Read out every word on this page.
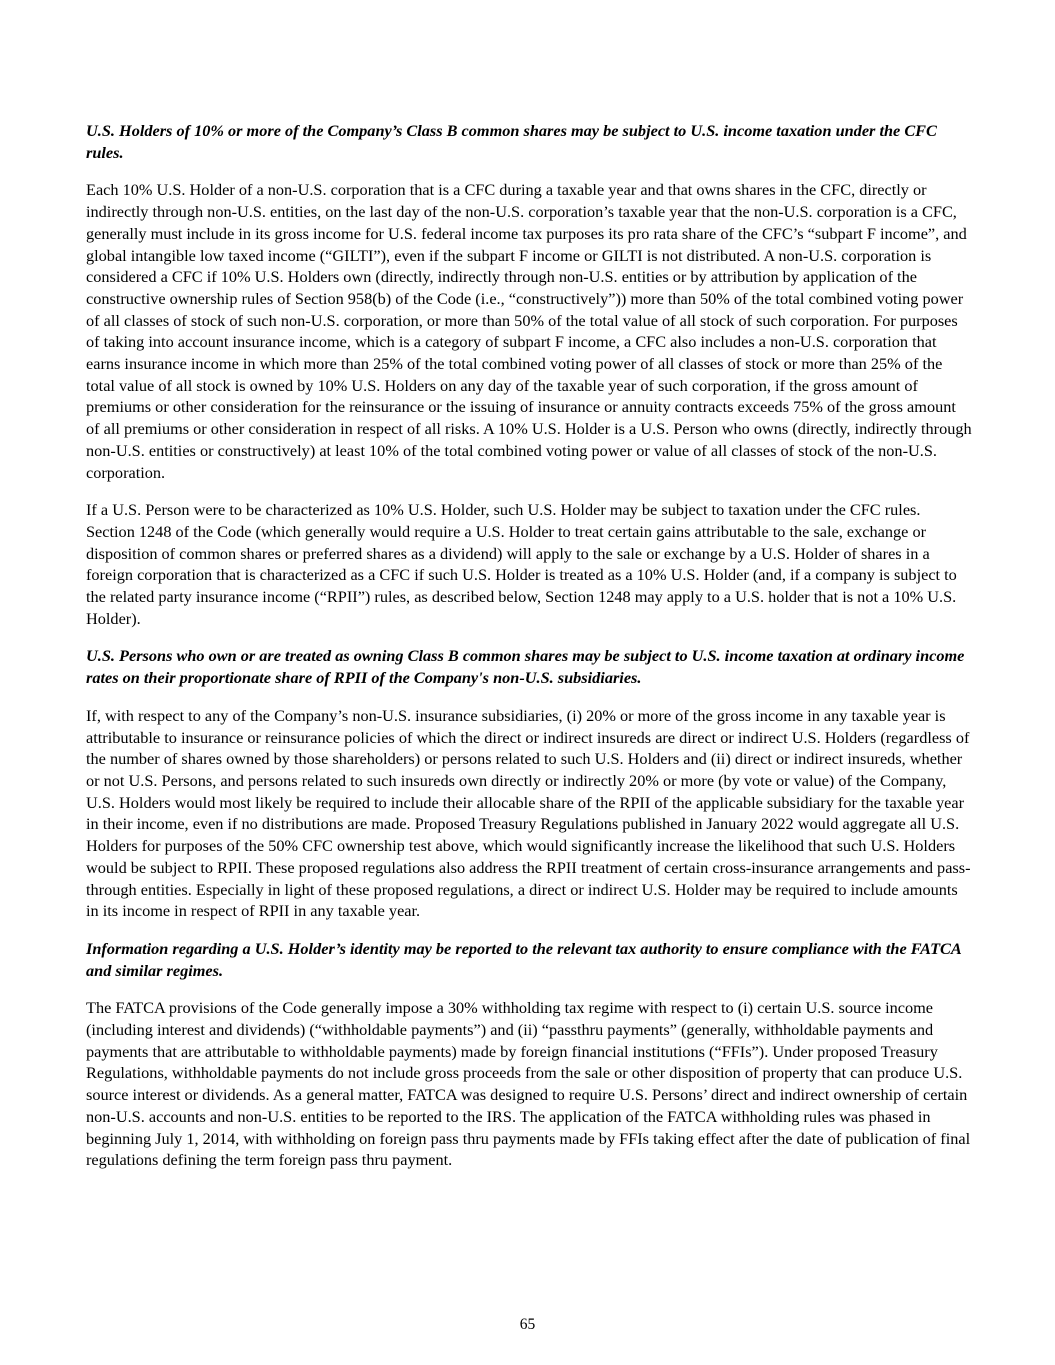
U.S. Holders of 10% or more of the Company’s Class B common shares may be subject to U.S. income taxation under the CFC rules.
Each 10% U.S. Holder of a non-U.S. corporation that is a CFC during a taxable year and that owns shares in the CFC, directly or indirectly through non-U.S. entities, on the last day of the non-U.S. corporation’s taxable year that the non-U.S. corporation is a CFC, generally must include in its gross income for U.S. federal income tax purposes its pro rata share of the CFC’s “subpart F income”, and global intangible low taxed income (“GILTI”), even if the subpart F income or GILTI is not distributed. A non-U.S. corporation is considered a CFC if 10% U.S. Holders own (directly, indirectly through non-U.S. entities or by attribution by application of the constructive ownership rules of Section 958(b) of the Code (i.e., “constructively”)) more than 50% of the total combined voting power of all classes of stock of such non-U.S. corporation, or more than 50% of the total value of all stock of such corporation. For purposes of taking into account insurance income, which is a category of subpart F income, a CFC also includes a non-U.S. corporation that earns insurance income in which more than 25% of the total combined voting power of all classes of stock or more than 25% of the total value of all stock is owned by 10% U.S. Holders on any day of the taxable year of such corporation, if the gross amount of premiums or other consideration for the reinsurance or the issuing of insurance or annuity contracts exceeds 75% of the gross amount of all premiums or other consideration in respect of all risks. A 10% U.S. Holder is a U.S. Person who owns (directly, indirectly through non-U.S. entities or constructively) at least 10% of the total combined voting power or value of all classes of stock of the non-U.S. corporation.
If a U.S. Person were to be characterized as 10% U.S. Holder, such U.S. Holder may be subject to taxation under the CFC rules. Section 1248 of the Code (which generally would require a U.S. Holder to treat certain gains attributable to the sale, exchange or disposition of common shares or preferred shares as a dividend) will apply to the sale or exchange by a U.S. Holder of shares in a foreign corporation that is characterized as a CFC if such U.S. Holder is treated as a 10% U.S. Holder (and, if a company is subject to the related party insurance income (“RPII”) rules, as described below, Section 1248 may apply to a U.S. holder that is not a 10% U.S. Holder).
U.S. Persons who own or are treated as owning Class B common shares may be subject to U.S. income taxation at ordinary income rates on their proportionate share of RPII of the Company's non-U.S. subsidiaries.
If, with respect to any of the Company’s non-U.S. insurance subsidiaries, (i) 20% or more of the gross income in any taxable year is attributable to insurance or reinsurance policies of which the direct or indirect insureds are direct or indirect U.S. Holders (regardless of the number of shares owned by those shareholders) or persons related to such U.S. Holders and (ii) direct or indirect insureds, whether or not U.S. Persons, and persons related to such insureds own directly or indirectly 20% or more (by vote or value) of the Company, U.S. Holders would most likely be required to include their allocable share of the RPII of the applicable subsidiary for the taxable year in their income, even if no distributions are made. Proposed Treasury Regulations published in January 2022 would aggregate all U.S. Holders for purposes of the 50% CFC ownership test above, which would significantly increase the likelihood that such U.S. Holders would be subject to RPII. These proposed regulations also address the RPII treatment of certain cross-insurance arrangements and pass-through entities. Especially in light of these proposed regulations, a direct or indirect U.S. Holder may be required to include amounts in its income in respect of RPII in any taxable year.
Information regarding a U.S. Holder’s identity may be reported to the relevant tax authority to ensure compliance with the FATCA and similar regimes.
The FATCA provisions of the Code generally impose a 30% withholding tax regime with respect to (i) certain U.S. source income (including interest and dividends) (“withholdable payments”) and (ii) “passthru payments” (generally, withholdable payments and payments that are attributable to withholdable payments) made by foreign financial institutions (“FFIs”). Under proposed Treasury Regulations, withholdable payments do not include gross proceeds from the sale or other disposition of property that can produce U.S. source interest or dividends. As a general matter, FATCA was designed to require U.S. Persons’ direct and indirect ownership of certain non-U.S. accounts and non-U.S. entities to be reported to the IRS. The application of the FATCA withholding rules was phased in beginning July 1, 2014, with withholding on foreign pass thru payments made by FFIs taking effect after the date of publication of final regulations defining the term foreign pass thru payment.
65
